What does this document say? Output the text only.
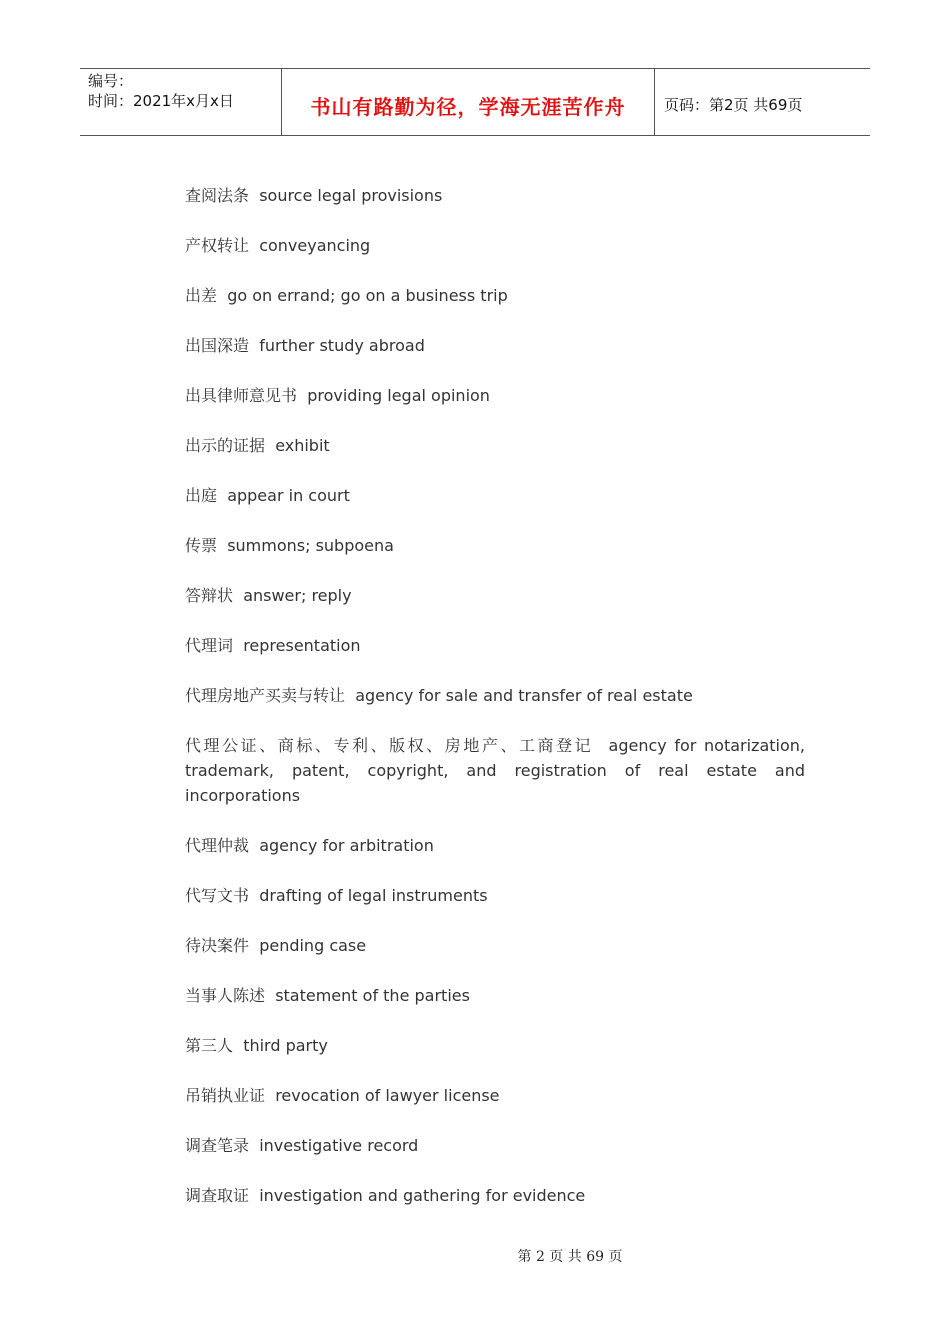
编号：
时间：2021年x月x日	书山有路勤为径，学海无涯苦作舟	页码：第2页 共69页

查阅法条 source legal provisions

产权转让 conveyancing

出差 go on errand; go on a business trip

出国深造 further study abroad

出具律师意见书 providing legal opinion

出示的证据 exhibit

出庭 appear in court

传票 summons; subpoena

答辩状 answer; reply

代理词 representation

代理房地产买卖与转让 agency for sale and transfer of real estate

代理公证、商标、专利、版权、房地产、工商登记 agency for notarization, trademark, patent, copyright, and registration of real estate and incorporations

代理仲裁 agency for arbitration

代写文书 drafting of legal instruments

待决案件 pending case

当事人陈述 statement of the parties

第三人 third party

吊销执业证 revocation of lawyer license

调查笔录 investigative record

调查取证 investigation and gathering for evidence

第 2 页 共 69 页
